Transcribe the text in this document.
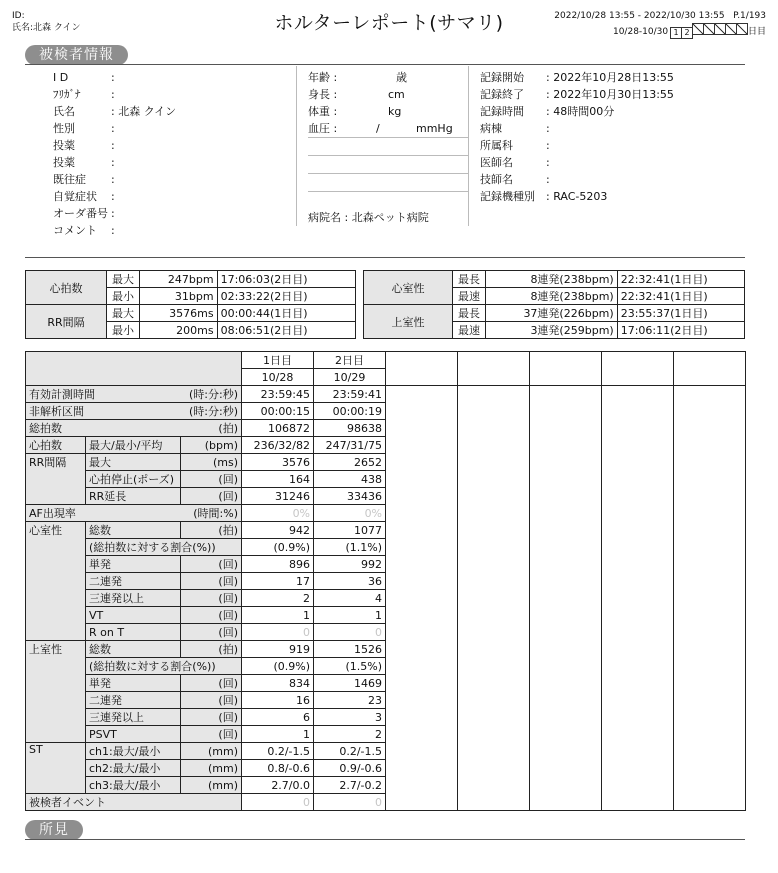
ID:
氏名:北森 クイン	ホルターレポート(サマリ)	2022/10/28 13:55 - 2022/10/30 13:55 P.1/193
10/28-10/30 1 2	日目
被検者情報
I D	:
ﾌﾘｶﾞﾅ	:
氏名	: 北森 クイン
性別	:
投薬	:
投薬	:
既往症 :
自覚症状 :
オーダ番号 :
コメント :
年齢 :	歳
身長 :	cm
体重 :	kg
血圧 :	/	mmHg
病院名 : 北森ペット病院
記録開始 : 2022年10月28日13:55
記録終了 : 2022年10月30日13:55
記録時間 : 48時間00分
病棟	:
所属科	:
医師名	:
技師名	:
記録機種別 : RAC-5203
心拍数	最大	247bpm	17:06:03(2日目)
	最小	31bpm	02:33:22(2日目)
RR間隔	最大	3576ms	00:00:44(1日目)
	最小	200ms	08:06:51(2日目)
心室性	最長	8連発(238bpm)	22:32:41(1日目)
	最速	8連発(238bpm)	22:32:41(1日目)
上室性	最長	37連発(226bpm)	23:55:37(1日目)
	最速	3連発(259bpm)	17:06:11(2日目)
			1日目	2日目					
			10/28	10/29					

有効計測時間 (時:分:秒)			23:59:45	23:59:41					

非解析区間 (時:分:秒)			00:00:15	00:00:19					

総拍数 (拍)			106872	98638					
心拍数	最大/最小/平均	(bpm)	236/32/82	247/31/75					
RR間隔	最大	(ms)	3576	2652					
	心拍停止(ポーズ)	(回)	164	438					
	RR延長	(回)	31246	33436					

AF出現率 (時間:%)			0%	0%					
心室性	総数	(拍)	942	1077					
	(総拍数に対する割合(%))		(0.9%)	(1.1%)					
	単発	(回)	896	992					
	二連発	(回)	17	36					
	三連発以上	(回)	2	4					
	VT	(回)	1	1					
	R on T	(回)	0	0					
上室性	総数	(拍)	919	1526					
	(総拍数に対する割合(%))		(0.9%)	(1.5%)					
	単発	(回)	834	1469					
	二連発	(回)	16	23					
	三連発以上	(回)	6	3					
	PSVT	(回)	1	2					
ST	ch1:最大/最小	(mm)	0.2/-1.5	0.2/-1.5					
	ch2:最大/最小	(mm)	0.8/-0.6	0.9/-0.6					
	ch3:最大/最小	(mm)	2.7/0.0	2.7/-0.2					

被検者イベント			0	0					
所見
